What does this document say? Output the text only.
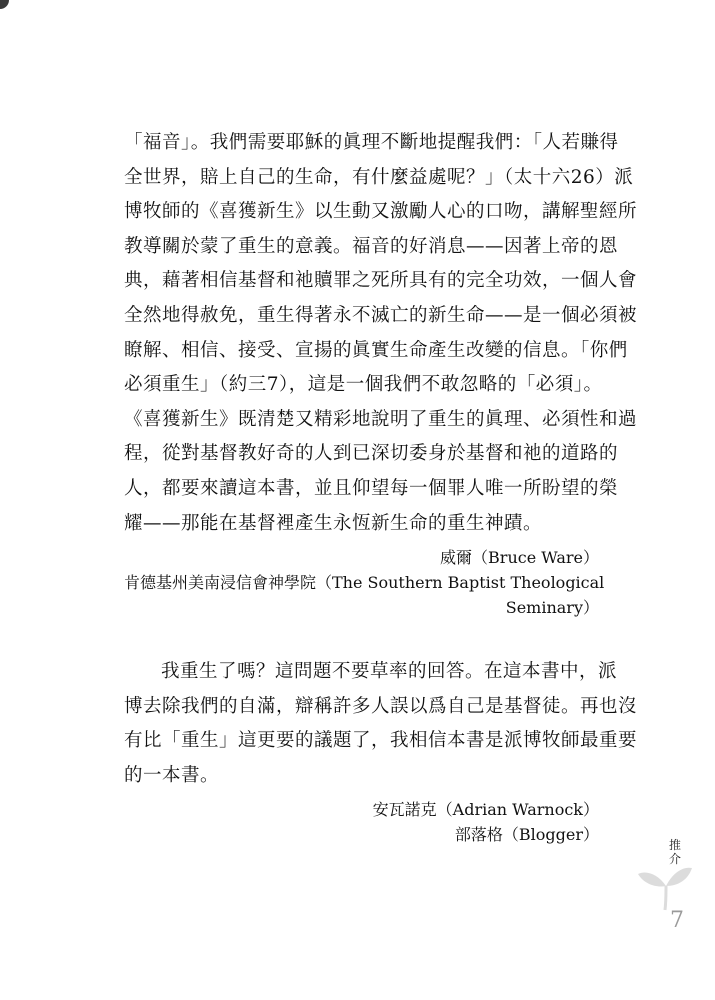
「福音」。我們需要耶穌的眞理不斷地提醒我們：「人若賺得
全世界，賠上自己的生命，有什麼益處呢？」（太十六26）派
博牧師的《喜獲新生》以生動又激勵人心的口吻，講解聖經所
教導關於蒙了重生的意義。福音的好消息——因著上帝的恩
典，藉著相信基督和祂贖罪之死所具有的完全功效，一個人會
全然地得赦免，重生得著永不滅亡的新生命——是一個必須被
瞭解、相信、接受、宣揚的眞實生命產生改變的信息。「你們
必須重生」（約三7），這是一個我們不敢忽略的「必須」。
《喜獲新生》既清楚又精彩地說明了重生的眞理、必須性和過
程，從對基督教好奇的人到已深切委身於基督和祂的道路的
人，都要來讀這本書，並且仰望每一個罪人唯一所盼望的榮
耀——那能在基督裡產生永恆新生命的重生神蹟。
威爾（Bruce Ware）
肯德基州美南浸信會神學院（The Southern Baptist Theological
Seminary）
我重生了嗎？這問題不要草率的回答。在這本書中，派
博去除我們的自滿，辯稱許多人誤以爲自己是基督徒。再也沒
有比「重生」這更要的議題了，我相信本書是派博牧師最重要
的一本書。
安瓦諾克（Adrian Warnock）
部落格（Blogger）
推
介
7
